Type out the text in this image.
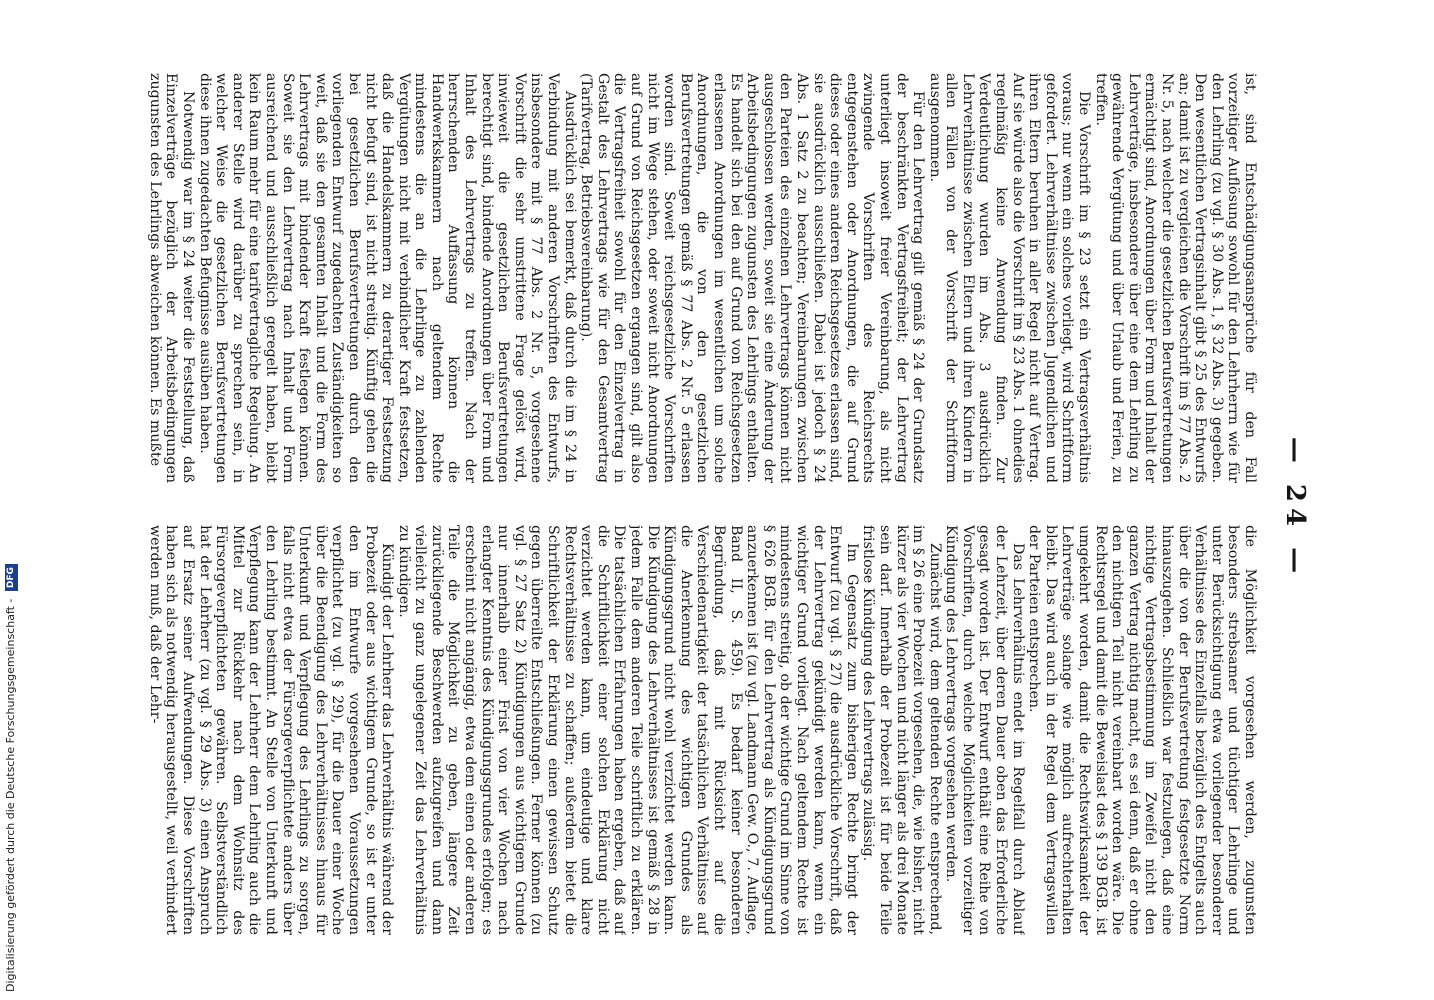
— 24 —

ist, sind Entschädigungsansprüche für den Fall vorzeitiger Auflösung sowohl für den Lehrherrn wie für den Lehrling (zu vgl. § 30 Abs. 1, § 32 Abs. 3) gegeben. Den wesentlichen Vertragsinhalt gibt § 25 des Entwurfs an; damit ist zu vergleichen die Vorschrift im § 77 Abs. 2 Nr. 5, nach welcher die gesetzlichen Berufsvertretungen ermächtigt sind, Anordnungen über Form und Inhalt der Lehrverträge, insbesondere über eine dem Lehrling zu gewährende Vergütung und über Urlaub und Ferien, zu treffen.

Die Vorschrift im § 23 setzt ein Vertragsverhältnis voraus; nur wenn ein solches vorliegt, wird Schriftform gefordert. Lehrverhältnisse zwischen Jugendlichen und ihren Eltern beruhen in aller Regel nicht auf Vertrag. Auf sie würde also die Vorschrift im § 23 Abs. 1 ohnedies regelmäßig keine Anwendung finden. Zur Verdeutlichung wurden im Abs. 3 ausdrücklich Lehrverhältnisse zwischen Eltern und ihren Kindern in allen Fällen von der Vorschrift der Schriftform ausgenommen.

Für den Lehrvertrag gilt gemäß § 24 der Grundsatz der beschränkten Vertragsfreiheit; der Lehrvertrag unterliegt insoweit freier Vereinbarung, als nicht zwingende Vorschriften des Reichsrechts entgegenstehen oder Anordnungen, die auf Grund dieses oder eines anderen Reichsgesetzes erlassen sind, sie ausdrücklich ausschließen. Dabei ist jedoch § 24 Abs. 1 Satz 2 zu beachten; Vereinbarungen zwischen den Parteien des einzelnen Lehrvertrags können nicht ausgeschlossen werden, soweit sie eine Änderung der Arbeitsbedingungen zugunsten des Lehrlings enthalten. Es handelt sich bei den auf Grund von Reichsgesetzen erlassenen Anordnungen im wesentlichen um solche Anordnungen, die von den gesetzlichen Berufsvertretungen gemäß § 77 Abs. 2 Nr. 5 erlassen worden sind. Soweit reichsgesetzliche Vorschriften nicht im Wege stehen, oder soweit nicht Anordnungen auf Grund von Reichsgesetzen ergangen sind, gilt also die Vertragsfreiheit sowohl für den Einzelvertrag in Gestalt des Lehrvertrags wie für den Gesamtvertrag (Tarifvertrag, Betriebsvereinbarung).

Ausdrücklich sei bemerkt, daß durch die im § 24 in Verbindung mit anderen Vorschriften des Entwurfs, insbesondere mit § 77 Abs. 2 Nr. 5, vorgesehene Vorschrift die sehr umstrittene Frage gelöst wird, inwieweit die gesetzlichen Berufsvertretungen berechtigt sind, bindende Anordnungen über Form und Inhalt des Lehrvertrags zu treffen. Nach der herrschenden Auffassung können die Handwerkskammern nach geltendem Rechte mindestens die an die Lehrlinge zu zahlenden Vergütungen nicht mit verbindlicher Kraft festsetzen, daß die Handelskammern zu derartiger Festsetzung nicht befugt sind, ist nicht streitig. Künftig gehen die bei gesetzlichen Berufsvertretungen durch den vorliegenden Entwurf zugedachten Zuständigkeiten so weit, daß sie den gesamten Inhalt und die Form des Lehrvertrags mit bindender Kraft festlegen können. Soweit sie den Lehrvertrag nach Inhalt und Form ausreichend und ausschließlich geregelt haben, bleibt kein Raum mehr für eine tarifvertragliche Regelung. An anderer Stelle wird darüber zu sprechen sein, in welcher Weise die gesetzlichen Berufsvertretungen diese ihnen zugedachten Befugnisse ausüben haben.

Notwendig war im § 24 weiter die Feststellung, daß Einzelverträge bezüglich der Arbeitsbedingungen zugunsten des Lehrlings abweichen können. Es mußte

die Möglichkeit vorgesehen werden, zugunsten besonders strebsamer und tüchtiger Lehrlinge und unter Berücksichtigung etwa vorliegender besonderer Verhältnisse des Einzelfalls bezüglich des Entgelts auch über die von der Berufsvertretung festgesetzte Norm hinauszugehen. Schließlich war festzulegen, daß eine nichtige Vertragsbestimmung im Zweifel nicht den ganzen Vertrag nichtig macht, es sei denn, daß er ohne den nichtigen Teil nicht vereinbart worden wäre. Die Rechtsregel und damit die Beweislast des § 139 BGB. ist umgekehrt worden, damit die Rechtswirksamkeit der Lehrverträge solange wie möglich aufrechterhalten bleibt. Das wird auch in der Regel dem Vertragswillen der Parteien entsprechen.

Das Lehrverhältnis endet im Regelfall durch Ablauf der Lehrzeit, über deren Dauer oben das Erforderliche gesagt worden ist. Der Entwurf enthält eine Reihe von Vorschriften, durch welche Möglichkeiten vorzeitiger Kündigung des Lehrvertrags vorgesehen werden.

Zunächst wird, dem geltenden Rechte entsprechend, im § 26 eine Probezeit vorgesehen, die, wie bisher, nicht kürzer als vier Wochen und nicht länger als drei Monate sein darf. Innerhalb der Probezeit ist für beide Teile fristlose Kündigung des Lehrvertrags zulässig.

Im Gegensatz zum bisherigen Rechte bringt der Entwurf (zu vgl. § 27) die ausdrückliche Vorschrift, daß der Lehrvertrag gekündigt werden kann, wenn ein wichtiger Grund vorliegt. Nach geltendem Rechte ist mindestens streitig, ob der wichtige Grund im Sinne von § 626 BGB. für den Lehrvertrag als Kündigungsgrund anzuerkennen ist (zu vgl. Landmann Gew. O., 7. Auflage, Band II, S. 459). Es bedarf keiner besonderen Begründung, daß mit Rücksicht auf die Verschiedenartigkeit der tatsächlichen Verhältnisse auf die Anerkennung des wichtigen Grundes als Kündigungsgrund nicht wohl verzichtet werden kann. Die Kündigung des Lehrverhältnisses ist gemäß § 28 in jedem Falle dem anderen Teile schriftlich zu erklären. Die tatsächlichen Erfahrungen haben ergeben, daß auf die Schriftlichkeit einer solchen Erklärung nicht verzichtet werden kann, um eindeutige und klare Rechtsverhältnisse zu schaffen; außerdem bietet die Schriftlichkeit der Erklärung einen gewissen Schutz gegen überreilte Entschließungen. Ferner können (zu vgl. § 27 Satz 2) Kündigungen aus wichtigem Grunde nur innerhalb einer Frist von vier Wochen nach erlangter Kenntnis des Kündigungsgrundes erfolgen; es erscheint nicht angängig, etwa dem einen oder anderen Teile die Möglichkeit zu geben, längere Zeit zurückliegende Beschwerden aufzugreifen und dann vielleicht zu ganz ungelegener Zeit das Lehrverhältnis zu kündigen.

Kündigt der Lehrherr das Lehrverhältnis während der Probezeit oder aus wichtigem Grunde, so ist er unter den im Entwurfe vorgesehenen Voraussetzungen verpflichtet (zu vgl. § 29), für die Dauer einer Woche über die Beendigung des Lehrverhältnisses hinaus für Unterkunft und Verpflegung des Lehrlings zu sorgen, falls nicht etwa der Fürsorgeverpflichtete anders über den Lehrling bestimmt. An Stelle von Unterkunft und Verpflegung kann der Lehrherr dem Lehrling auch die Mittel zur Rückkehr nach dem Wohnsitz des Fürsorgeverpflichteten gewähren. Selbstverständlich hat der Lehrherr (zu vgl. § 29 Abs. 3) einen Anspruch auf Ersatz seiner Aufwendungen. Diese Vorschriften haben sich als notwendig herausgestellt, weil verhindert werden muß, daß der Lehr-

Digitalisierung gefördert durch die Deutsche Forschungsgemeinschaft - DFG
